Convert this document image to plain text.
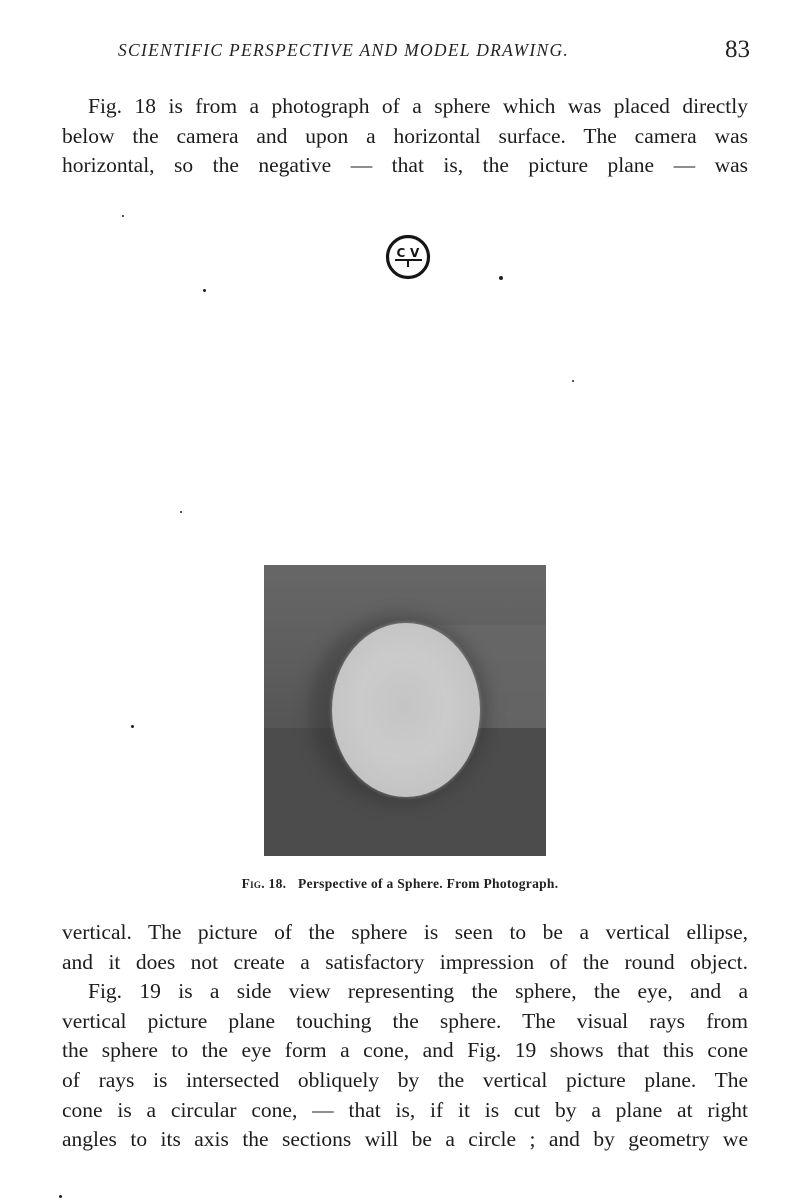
SCIENTIFIC PERSPECTIVE AND MODEL DRAWING.	83
Fig. 18 is from a photograph of a sphere which was placed directly
below the camera and upon a horizontal surface. The camera was
horizontal, so the negative — that is, the picture plane — was
C V
Fig. 18. Perspective of a Sphere. From Photograph.
vertical. The picture of the sphere is seen to be a vertical ellipse,
and it does not create a satisfactory impression of the round object.
Fig. 19 is a side view representing the sphere, the eye, and a
vertical picture plane touching the sphere. The visual rays from
the sphere to the eye form a cone, and Fig. 19 shows that this cone
of rays is intersected obliquely by the vertical picture plane. The
cone is a circular cone, — that is, if it is cut by a plane at right
angles to its axis the sections will be a circle ; and by geometry we
